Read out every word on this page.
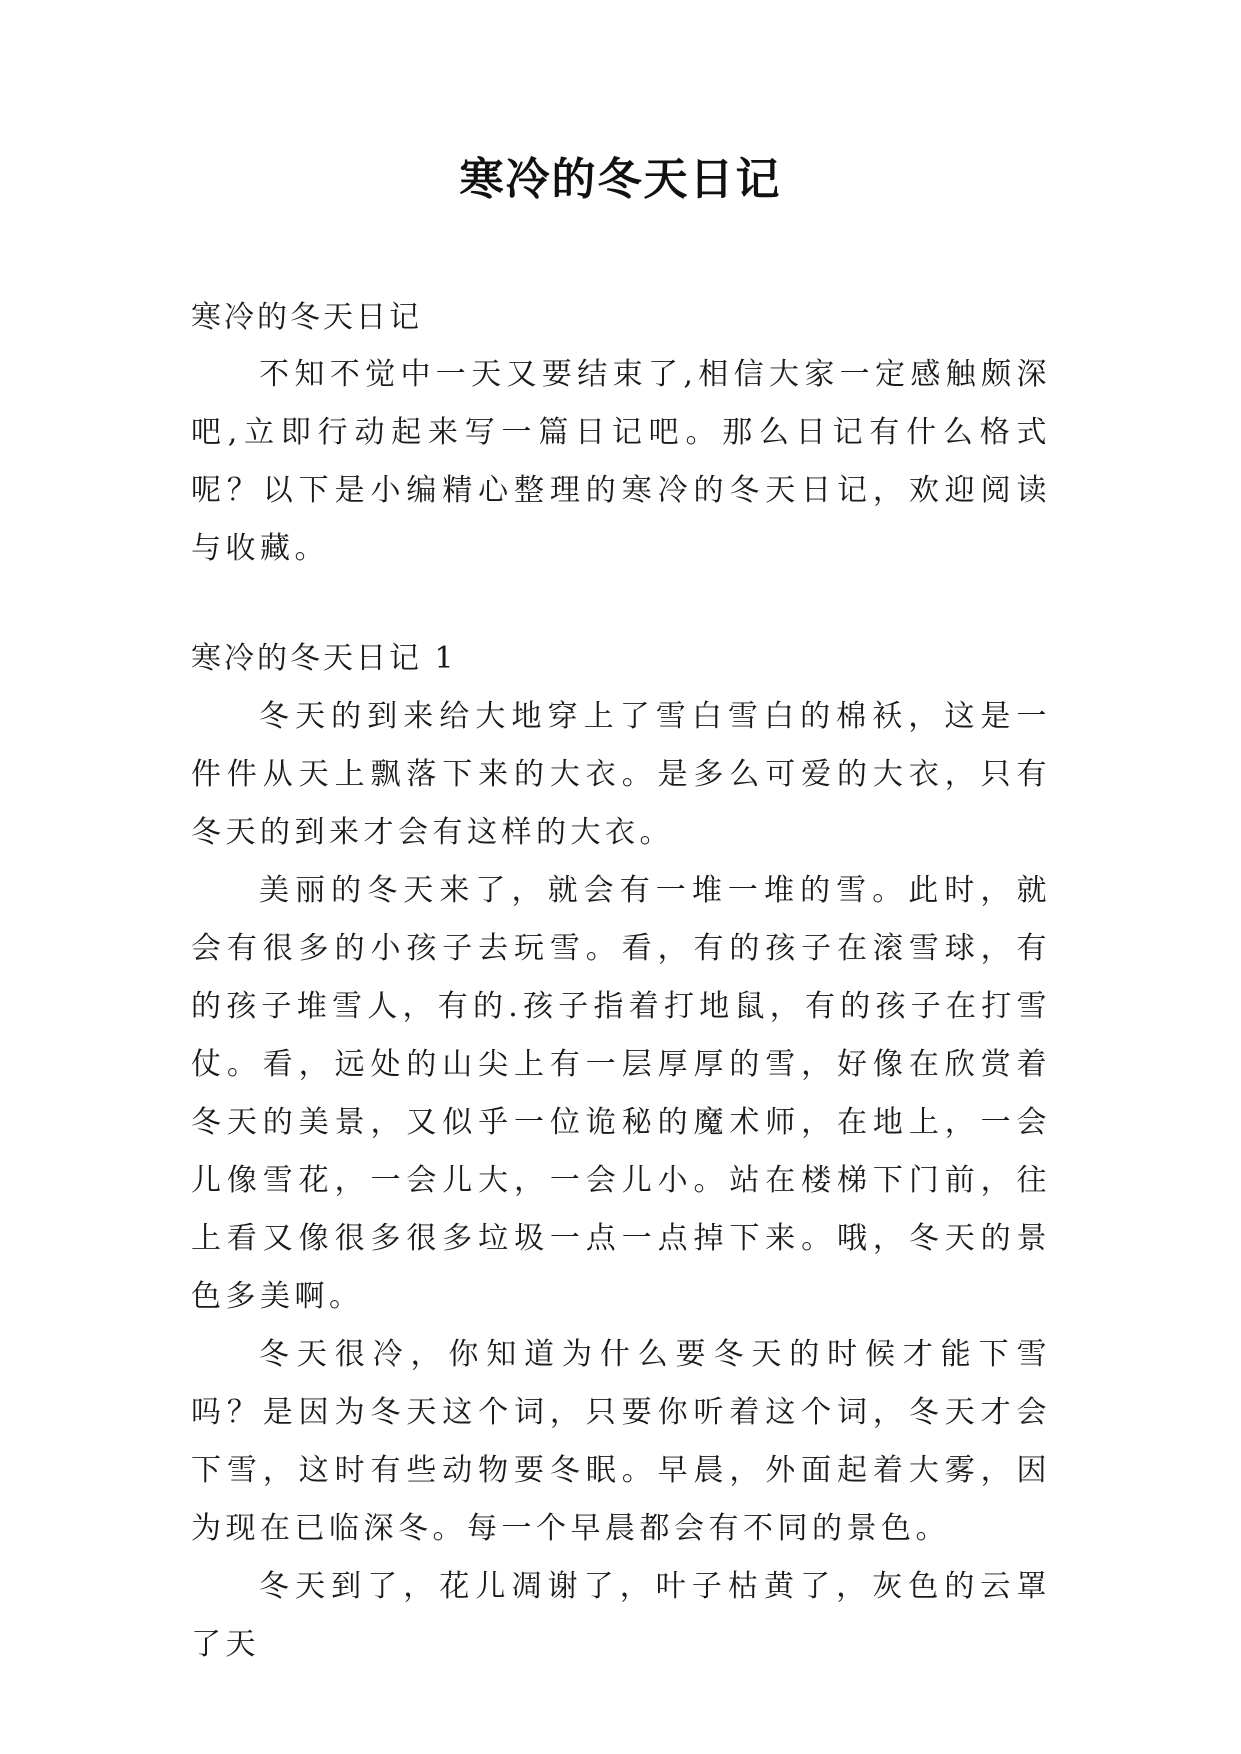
寒冷的冬天日记

寒冷的冬天日记

不知不觉中一天又要结束了,相信大家一定感触颇深吧,立即行动起来写一篇日记吧。那么日记有什么格式呢？以下是小编精心整理的寒冷的冬天日记，欢迎阅读与收藏。

寒冷的冬天日记 1

冬天的到来给大地穿上了雪白雪白的棉袄，这是一件件从天上飘落下来的大衣。是多么可爱的大衣，只有冬天的到来才会有这样的大衣。

美丽的冬天来了，就会有一堆一堆的雪。此时，就会有很多的小孩子去玩雪。看，有的孩子在滚雪球，有的孩子堆雪人，有的.孩子指着打地鼠，有的孩子在打雪仗。看，远处的山尖上有一层厚厚的雪，好像在欣赏着冬天的美景，又似乎一位诡秘的魔术师，在地上，一会儿像雪花，一会儿大，一会儿小。站在楼梯下门前，往上看又像很多很多垃圾一点一点掉下来。哦，冬天的景色多美啊。

冬天很冷，你知道为什么要冬天的时候才能下雪吗？是因为冬天这个词，只要你听着这个词，冬天才会下雪，这时有些动物要冬眠。早晨，外面起着大雾，因为现在已临深冬。每一个早晨都会有不同的景色。

冬天到了，花儿凋谢了，叶子枯黄了，灰色的云罩了天
